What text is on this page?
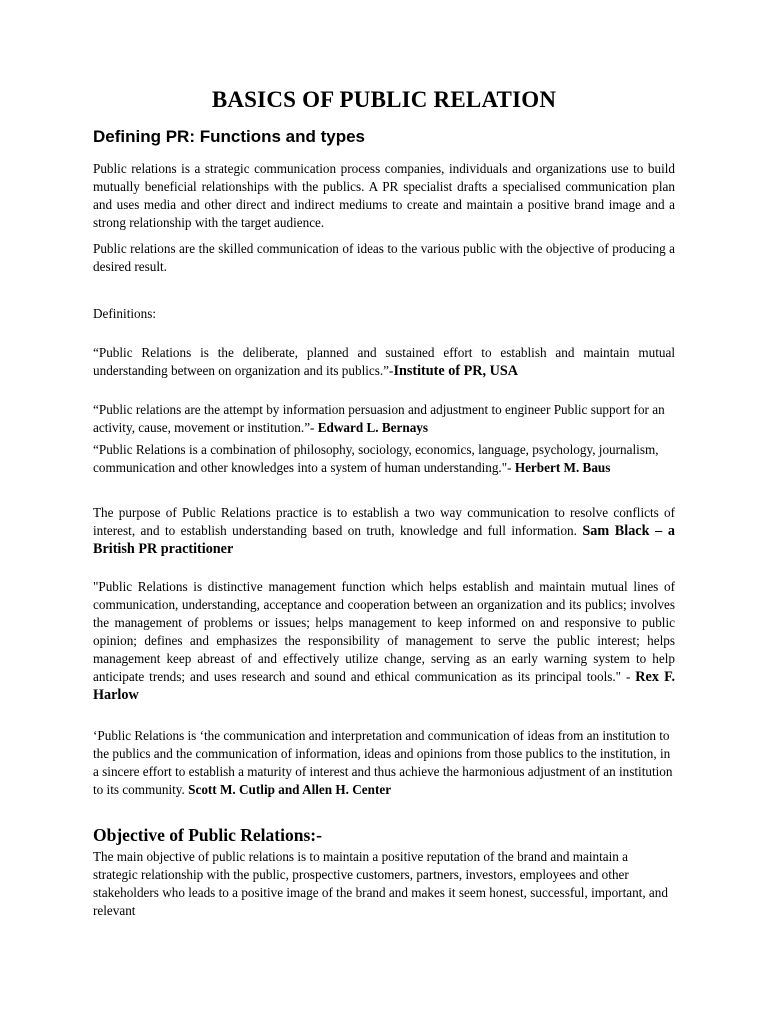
BASICS OF PUBLIC RELATION
Defining PR: Functions and types

Public relations is a strategic communication process companies, individuals and organizations use to build mutually beneficial relationships with the publics. A PR specialist drafts a specialised communication plan and uses media and other direct and indirect mediums to create and maintain a positive brand image and a strong relationship with the target audience.

Public relations are the skilled communication of ideas to the various public with the objective of producing a desired result.

Definitions:

“Public Relations is the deliberate, planned and sustained effort to establish and maintain mutual understanding between on organization and its publics.”-Institute of PR, USA

“Public relations are the attempt by information persuasion and adjustment to engineer Public support for an activity, cause, movement or institution.”- Edward L. Bernays

“Public Relations is a combination of philosophy, sociology, economics, language, psychology, journalism, communication and other knowledges into a system of human understanding."- Herbert M. Baus

The purpose of Public Relations practice is to establish a two way communication to resolve conflicts of interest, and to establish understanding based on truth, knowledge and full information. Sam Black – a British PR practitioner

"Public Relations is distinctive management function which helps establish and maintain mutual lines of communication, understanding, acceptance and cooperation between an organization and its publics; involves the management of problems or issues; helps management to keep informed on and responsive to public opinion; defines and emphasizes the responsibility of management to serve the public interest; helps management keep abreast of and effectively utilize change, serving as an early warning system to help anticipate trends; and uses research and sound and ethical communication as its principal tools." - Rex F. Harlow

‘Public Relations is ‘the communication and interpretation and communication of ideas from an institution to the publics and the communication of information, ideas and opinions from those publics to the institution, in a sincere effort to establish a maturity of interest and thus achieve the harmonious adjustment of an institution to its community. Scott M. Cutlip and Allen H. Center

Objective of Public Relations:-

The main objective of public relations is to maintain a positive reputation of the brand and maintain a strategic relationship with the public, prospective customers, partners, investors, employees and other stakeholders who leads to a positive image of the brand and makes it seem honest, successful, important, and relevant
